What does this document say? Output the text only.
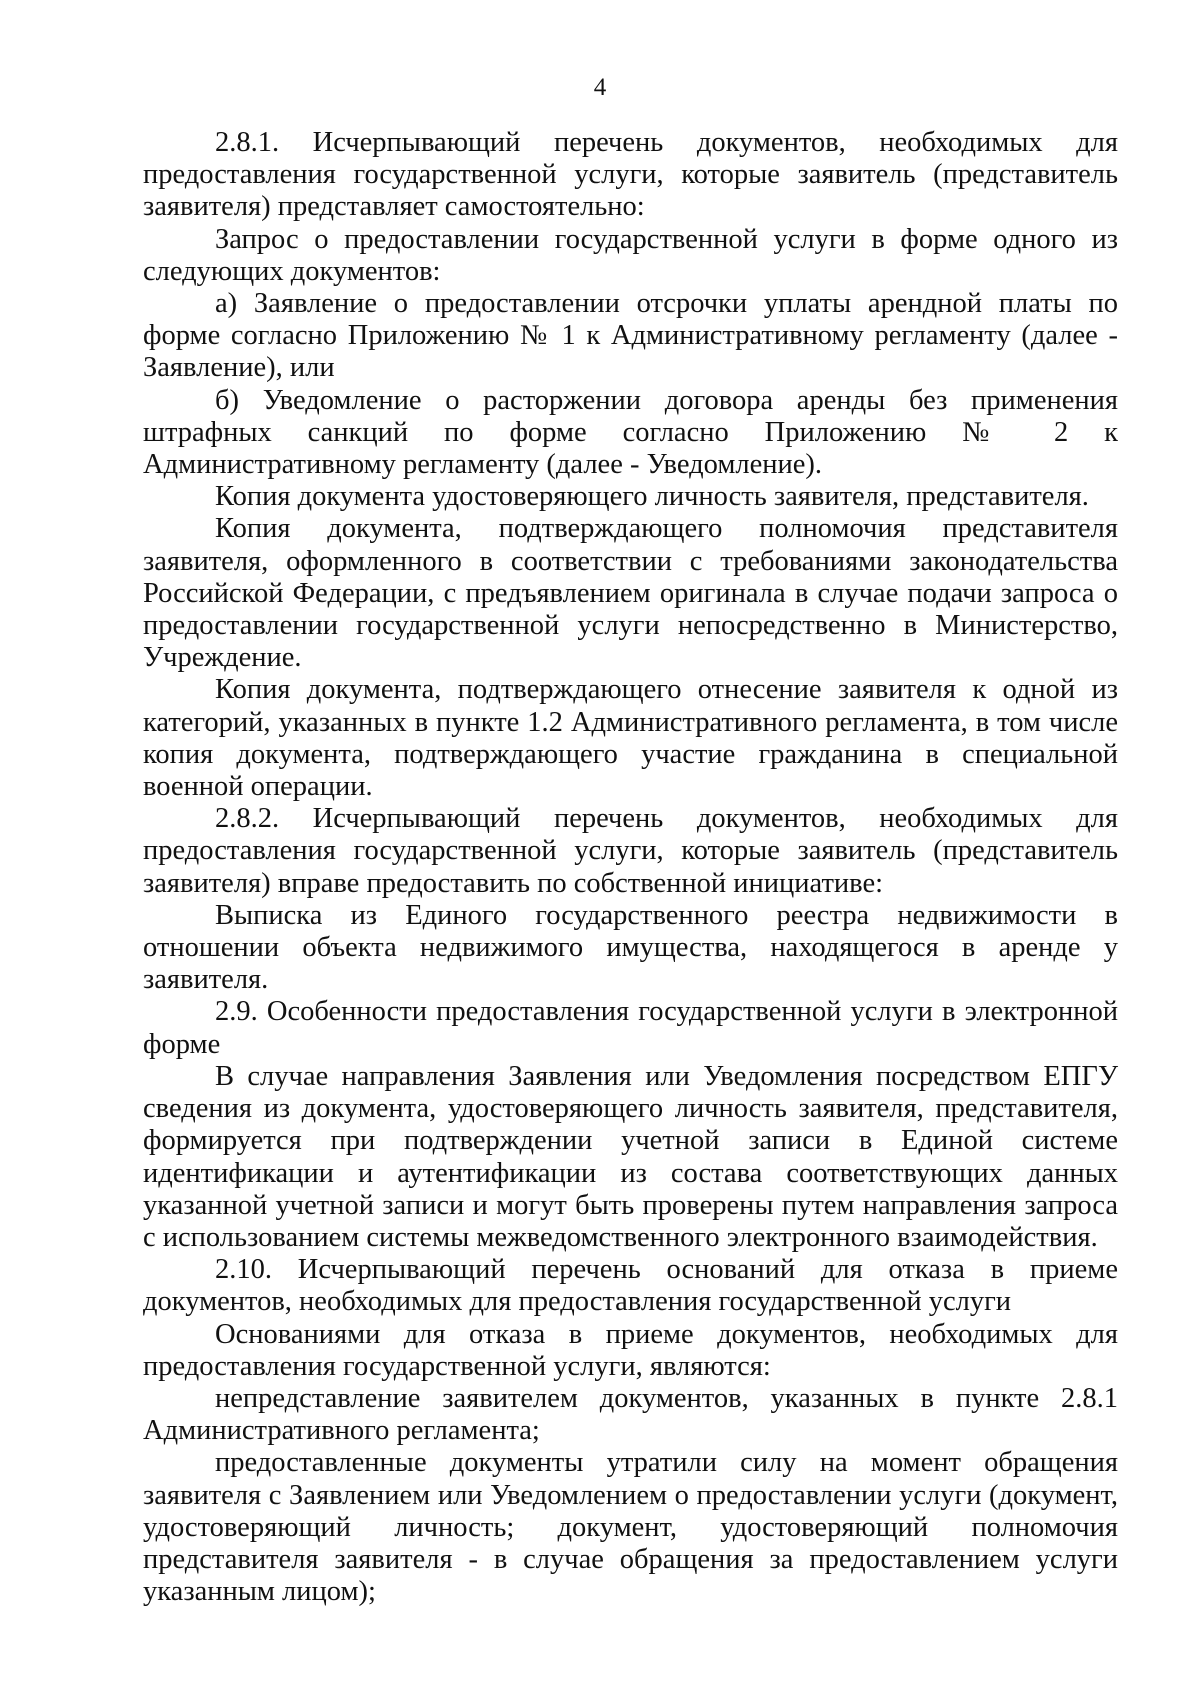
4

2.8.1. Исчерпывающий перечень документов, необходимых для предоставления государственной услуги, которые заявитель (представитель заявителя) представляет самостоятельно:

Запрос о предоставлении государственной услуги в форме одного из следующих документов:

а) Заявление о предоставлении отсрочки уплаты арендной платы по форме согласно Приложению № 1 к Административному регламенту (далее - Заявление), или

б) Уведомление о расторжении договора аренды без применения штрафных санкций по форме согласно Приложению № 2 к Административному регламенту (далее - Уведомление).

Копия документа удостоверяющего личность заявителя, представителя.

Копия документа, подтверждающего полномочия представителя заявителя, оформленного в соответствии с требованиями законодательства Российской Федерации, с предъявлением оригинала в случае подачи запроса о предоставлении государственной услуги непосредственно в Министерство, Учреждение.

Копия документа, подтверждающего отнесение заявителя к одной из категорий, указанных в пункте 1.2 Административного регламента, в том числе копия документа, подтверждающего участие гражданина в специальной военной операции.

2.8.2. Исчерпывающий перечень документов, необходимых для предоставления государственной услуги, которые заявитель (представитель заявителя) вправе предоставить по собственной инициативе:

Выписка из Единого государственного реестра недвижимости в отношении объекта недвижимого имущества, находящегося в аренде у заявителя.

2.9. Особенности предоставления государственной услуги в электронной форме

В случае направления Заявления или Уведомления посредством ЕПГУ сведения из документа, удостоверяющего личность заявителя, представителя, формируется при подтверждении учетной записи в Единой системе идентификации и аутентификации из состава соответствующих данных указанной учетной записи и могут быть проверены путем направления запроса с использованием системы межведомственного электронного взаимодействия.

2.10. Исчерпывающий перечень оснований для отказа в приеме документов, необходимых для предоставления государственной услуги

Основаниями для отказа в приеме документов, необходимых для предоставления государственной услуги, являются:

непредставление заявителем документов, указанных в пункте 2.8.1 Административного регламента;

предоставленные документы утратили силу на момент обращения заявителя с Заявлением или Уведомлением о предоставлении услуги (документ, удостоверяющий личность; документ, удостоверяющий полномочия представителя заявителя - в случае обращения за предоставлением услуги указанным лицом);
